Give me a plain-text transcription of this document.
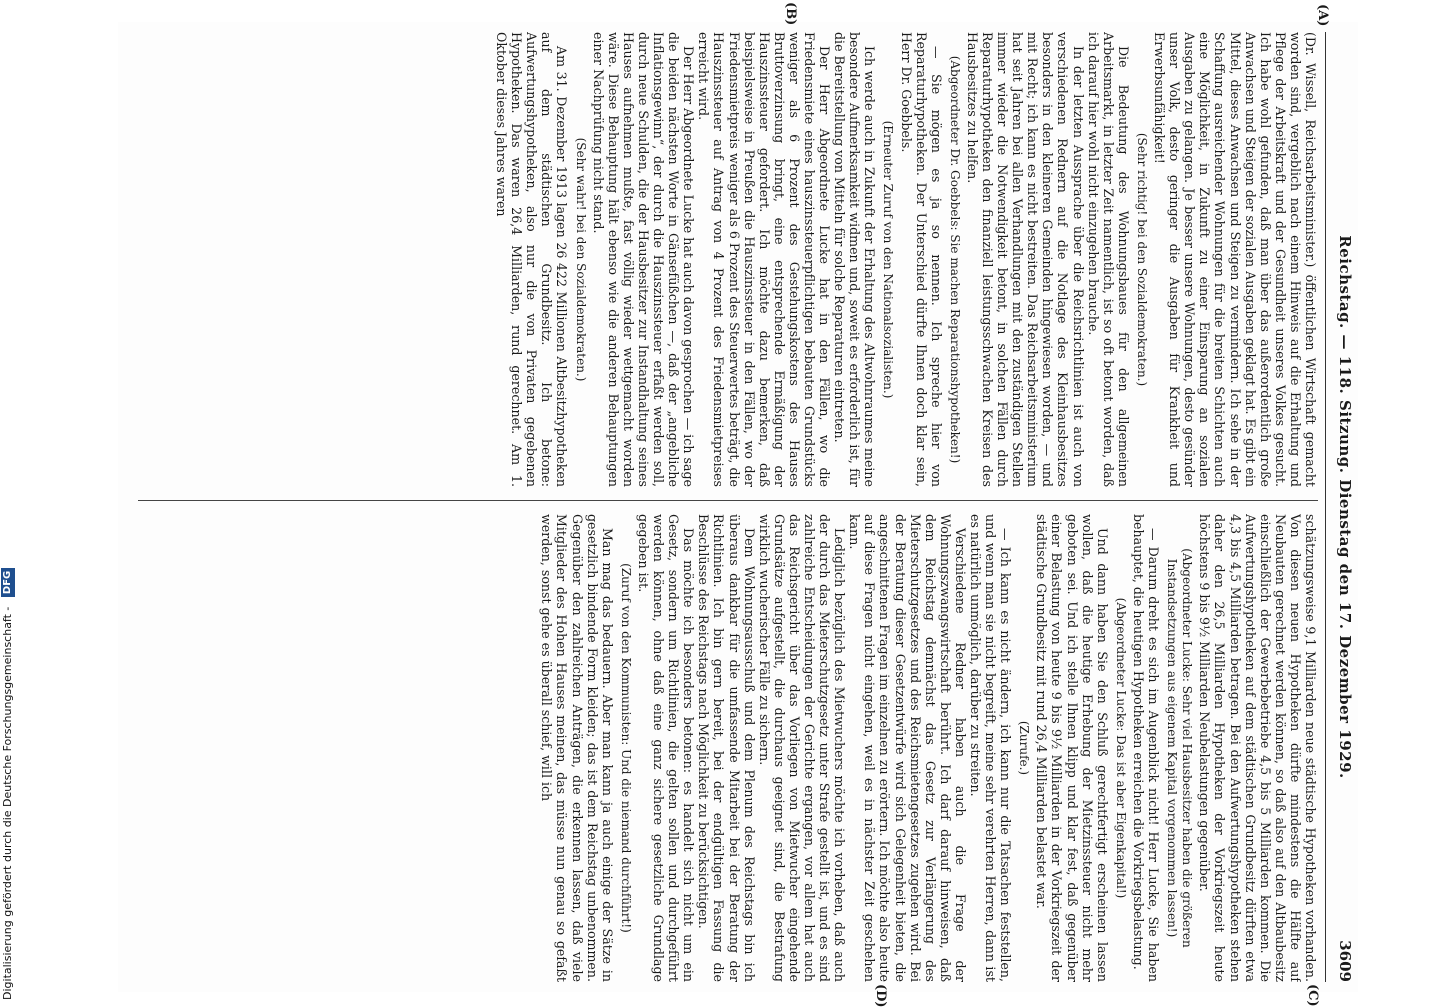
Reichstag. — 118. Sitzung. Dienstag den 17. Dezember 1929.
3609
(A)
(B)
(C)
(D)

(Dr. Wissell, Reichsarbeitsminister.) öffentlichen Wirtschaft gemacht worden sind, vergeblich nach einem Hinweis auf die Erhaltung und Pflege der Arbeitskraft und der Gesundheit unseres Volkes gesucht. Ich habe wohl gefunden, daß man über das außerordentlich große Anwachsen und Steigen der sozialen Ausgaben geklagt hat. Es gibt ein Mittel, dieses Anwachsen und Steigen zu vermindern. Ich sehe in der Schaffung ausreichender Wohnungen für die breiten Schichten auch eine Möglichkeit, in Zukunft zu einer Einsparung an sozialen Ausgaben zu gelangen. Je besser unsere Wohnungen, desto gesünder unser Volk, desto geringer die Ausgaben für Krankheit und Erwerbsunfähigkeit!

(Sehr richtig! bei den Sozialdemokraten.)

Die Bedeutung des Wohnungsbaues für den allgemeinen Arbeitsmarkt, in letzter Zeit namentlich, ist so oft betont worden, daß ich darauf hier wohl nicht einzugehen brauche.

In der letzten Aussprache über die Reichsrichtlinien ist auch von verschiedenen Rednern auf die Notlage des Kleinhausbesitzes besonders in den kleineren Gemeinden hingewiesen worden, — und mit Recht; ich kann es nicht bestreiten. Das Reichsarbeitsministerium hat seit Jahren bei allen Verhandlungen mit den zuständigen Stellen immer wieder die Notwendigkeit betont, in solchen Fällen durch Reparaturhypotheken den finanziell leistungsschwachen Kreisen des Hausbesitzes zu helfen.

(Abgeordneter Dr. Goebbels: Sie machen Reparationshypotheken!)

— Sie mögen es ja so nennen. Ich spreche hier von Reparaturhypotheken. Der Unterschied dürfte Ihnen doch klar sein, Herr Dr. Goebbels.

(Erneuter Zuruf von den Nationalsozialisten.)

Ich werde auch in Zukunft der Erhaltung des Altwohnraumes meine besondere Aufmerksamkeit widmen und, soweit es erforderlich ist, für die Bereitstellung von Mitteln für solche Reparaturen eintreten.

Der Herr Abgeordnete Lucke hat in den Fällen, wo die Friedensmiete eines hauszinssteuerpflichtigen bebauten Grundstücks weniger als 6 Prozent des Gestehungskostens des Hauses Bruttoverzinsung bringt, eine entsprechende Ermäßigung der Hauszinssteuer gefordert. Ich möchte dazu bemerken, daß beispielsweise in Preußen die Hauszinssteuer in den Fällen, wo der Friedensmietpreis weniger als 6 Prozent des Steuerwertes beträgt, die Hauszinssteuer auf Antrag von 4 Prozent des Friedensmietpreises erreicht wird.

Der Herr Abgeordnete Lucke hat auch davon gesprochen — ich sage die beiden nächsten Worte in Gänsefüßchen —, daß der „angebliche Inflationsgewinn“, der durch die Hauszinssteuer erfaßt werden soll, durch neue Schulden, die der Hausbesitzer zur Instandhaltung seines Hauses aufnehmen mußte, fast völlig wieder wettgemacht worden wäre. Diese Behauptung hält ebenso wie die anderen Behauptungen einer Nachprüfung nicht stand.

(Sehr wahr! bei den Sozialdemokraten.)

Am 31. Dezember 1913 lagen 26 422 Millionen Altbesitzhypotheken auf dem städtischen Grundbesitz. Ich betone: Aufwertungshypotheken, also nur die von Privaten gegebenen Hypotheken. Das waren 26,4 Milliarden, rund gerechnet. Am 1. Oktober dieses Jahres waren

schätzungsweise 9,1 Milliarden neue städtische Hypotheken vorhanden. Von diesen neuen Hypotheken dürfte mindestens die Hälfte auf Neubauten gerechnet werden können, so daß also auf den Altbaubesitz einschließlich der Gewerbebetriebe 4,5 bis 5 Milliarden kommen. Die Aufwertungshypotheken auf dem städtischen Grundbesitz dürften etwa 4,3 bis 4,5 Milliarden betragen. Bei den Aufwertungshypotheken stehen daher den 26,5 Milliarden Hypotheken der Vorkriegszeit heute höchstens 9 bis 9½ Milliarden Neubelastungen gegenüber.

(Abgeordneter Lucke: Sehr viel Hausbesitzer haben die größeren Instandsetzungen aus eigenem Kapital vorgenommen lassen!)

— Darum dreht es sich im Augenblick nicht! Herr Lucke, Sie haben behauptet, die heutigen Hypotheken erreichen die Vorkriegsbelastung.

(Abgeordneter Lucke: Das ist aber Eigenkapital!)

Und dann haben Sie den Schluß gerechtfertigt erscheinen lassen wollen, daß die heutige Erhebung der Mietzinssteuer nicht mehr geboten sei. Und ich stelle Ihnen klipp und klar fest, daß gegenüber einer Belastung von heute 9 bis 9½ Milliarden in der Vorkriegszeit der städtische Grundbesitz mit rund 26,4 Milliarden belastet war.

(Zurufe.)

— Ich kann es nicht ändern, ich kann nur die Tatsachen feststellen, und wenn man sie nicht begreift, meine sehr verehrten Herren, dann ist es natürlich unmöglich, darüber zu streiten.

Verschiedene Redner haben auch die Frage der Wohnungszwangswirtschaft berührt. Ich darf darauf hinweisen, daß dem Reichstag demnächst das Gesetz zur Verlängerung des Mieterschutzgesetzes und des Reichsmietengesetzes zugehen wird. Bei der Beratung dieser Gesetzentwürfe wird sich Gelegenheit bieten, die angeschnittenen Fragen im einzelnen zu erörtern. Ich möchte also heute auf diese Fragen nicht eingehen, weil es in nächster Zeit geschehen kann.

Lediglich bezüglich des Mietwuchers möchte ich vorheben, daß auch der durch das Mieterschutzgesetz unter Strafe gestellt ist, und es sind zahlreiche Entscheidungen der Gerichte ergangen, vor allem hat auch das Reichsgericht über das Vorliegen von Mietwucher eingehende Grundsätze aufgestellt, die durchaus geeignet sind, die Bestrafung wirklich wucherischer Fälle zu sichern.

Dem Wohnungsausschuß und dem Plenum des Reichstags bin ich überaus dankbar für die umfassende Mitarbeit bei der Beratung der Richtlinien. Ich bin gern bereit, bei der endgültigen Fassung die Beschlüsse des Reichstags nach Möglichkeit zu berücksichtigen.

Das möchte ich besonders betonen: es handelt sich nicht um ein Gesetz, sondern um Richtlinien, die gelten sollen und durchgeführt werden können, ohne daß eine ganz sichere gesetzliche Grundlage gegeben ist.

(Zuruf von den Kommunisten: Und die niemand durchführt!)

Man mag das bedauern. Aber man kann ja auch einige der Sätze in gesetzlich bindende Form kleiden; das ist dem Reichstag unbenommen. Gegenüber den zahlreichen Anträgen, die erkennen lassen, daß viele Mitglieder des Hohen Hauses meinen, das müsse nun genau so gefaßt werden, sonst gehe es überall schief, will ich

Digitalisierung gefördert durch die Deutsche Forschungsgemeinschaft - DFG
